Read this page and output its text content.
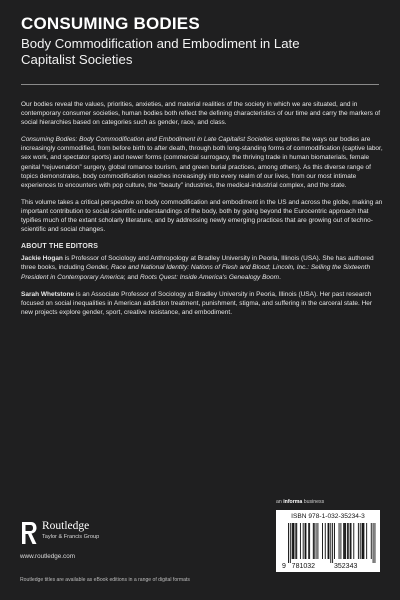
CONSUMING BODIES
Body Commodification and Embodiment in Late Capitalist Societies

Our bodies reveal the values, priorities, anxieties, and material realities of the society in which we are situated, and in contemporary consumer societies, human bodies both reflect the defining characteristics of our time and carry the markers of social hierarchies based on categories such as gender, race, and class.

Consuming Bodies: Body Commodification and Embodiment in Late Capitalist Societies explores the ways our bodies are increasingly commodified, from before birth to after death, through both long-standing forms of commodification (captive labor, sex work, and spectator sports) and newer forms (commercial surrogacy, the thriving trade in human biomaterials, female genital “rejuvenation” surgery, global romance tourism, and green burial practices, among others). As this diverse range of topics demonstrates, body commodification reaches increasingly into every realm of our lives, from our most intimate experiences to encounters with pop culture, the “beauty” industries, the medical-industrial complex, and the state.

This volume takes a critical perspective on body commodification and embodiment in the US and across the globe, making an important contribution to social scientific understandings of the body, both by going beyond the Eurocentric approach that typifies much of the extant scholarly literature, and by addressing newly emerging practices that are growing out of techno-scientific and social changes.

ABOUT THE EDITORS

Jackie Hogan is Professor of Sociology and Anthropology at Bradley University in Peoria, Illinois (USA). She has authored three books, including Gender, Race and National Identity: Nations of Flesh and Blood; Lincoln, Inc.: Selling the Sixteenth President in Contemporary America; and Roots Quest: Inside America’s Genealogy Boom.

Sarah Whetstone is an Associate Professor of Sociology at Bradley University in Peoria, Illinois (USA). Her past research focused on social inequalities in American addiction treatment, punishment, stigma, and suffering in the carceral state. Her new projects explore gender, sport, creative resistance, and embodiment.

an informa business
Routledge
Taylor & Francis Group
www.routledge.com
Routledge titles are available as eBook editions in a range of digital formats
ISBN 978-1-032-35234-3
9 781032	352343
